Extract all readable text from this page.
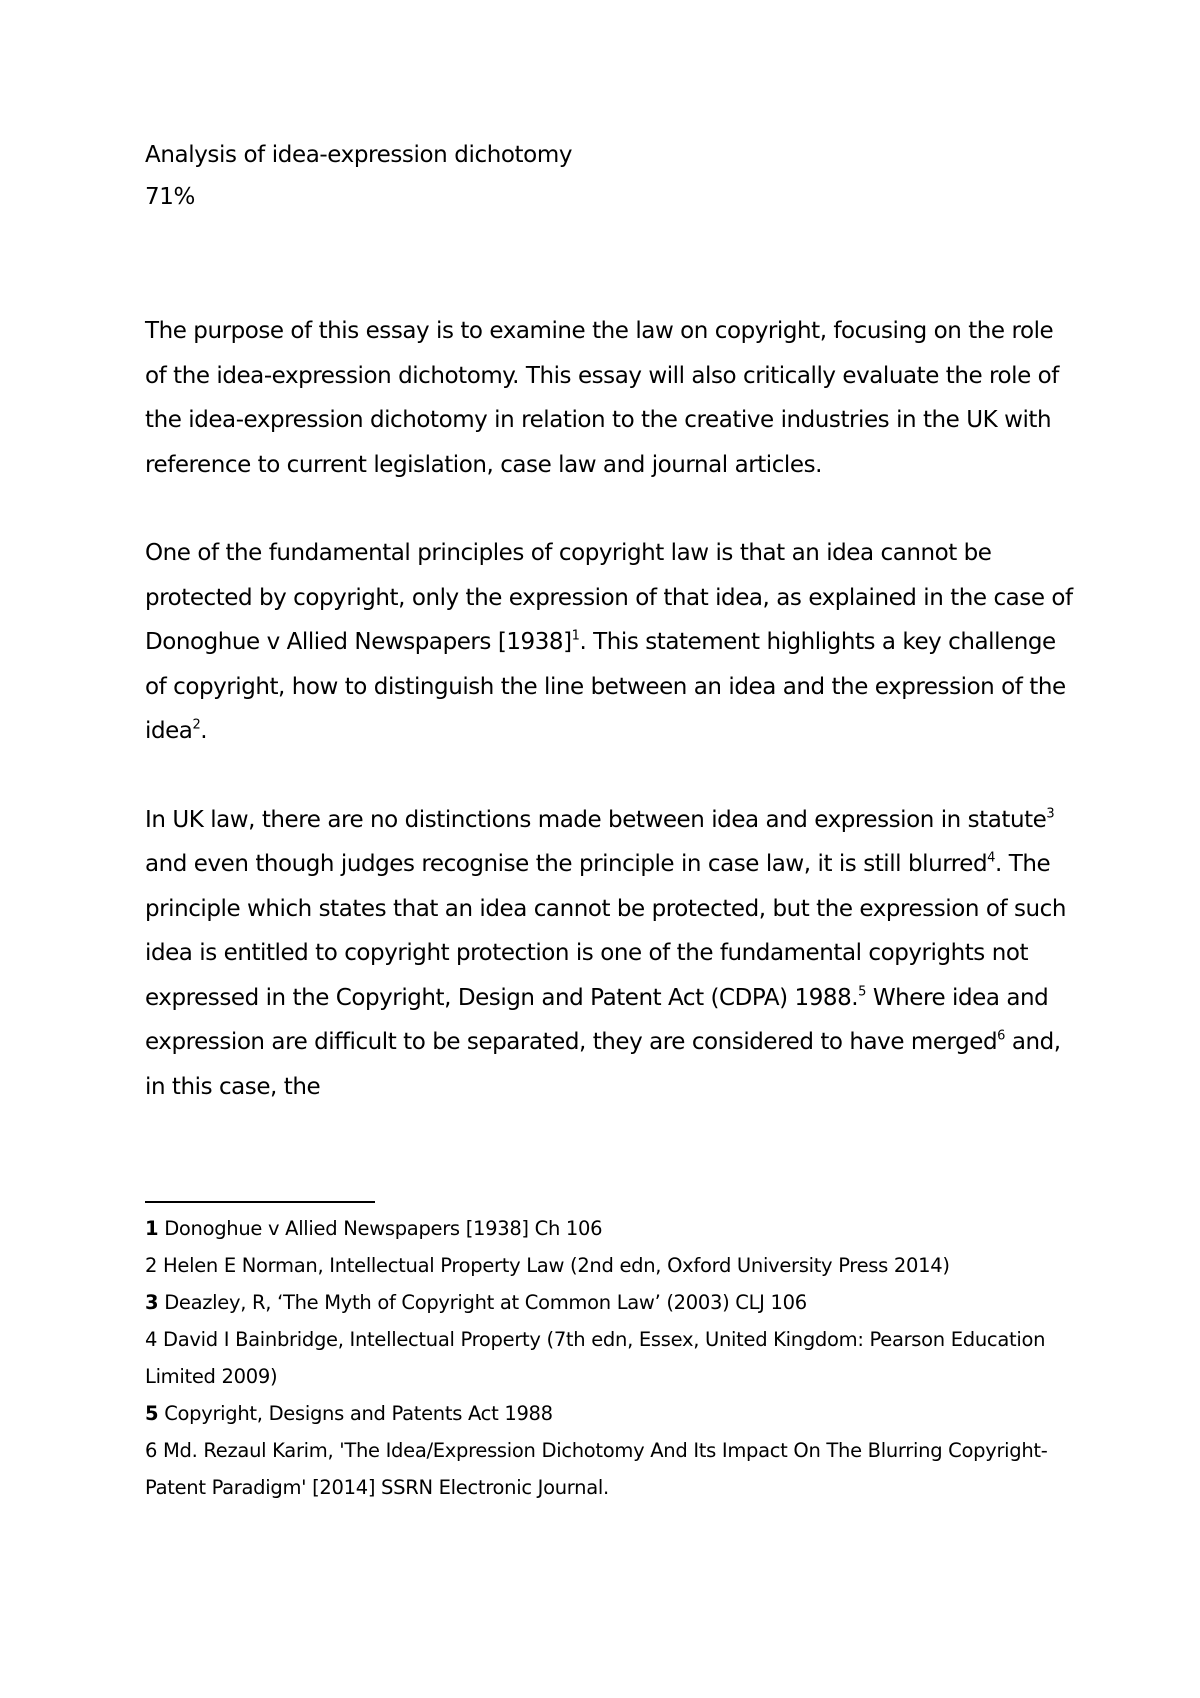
Analysis of idea-expression dichotomy

71%

The purpose of this essay is to examine the law on copyright, focusing on the role of the idea-expression dichotomy. This essay will also critically evaluate the role of the idea-expression dichotomy in relation to the creative industries in the UK with reference to current legislation, case law and journal articles.

One of the fundamental principles of copyright law is that an idea cannot be protected by copyright, only the expression of that idea, as explained in the case of Donoghue v Allied Newspapers $[1938]^1$. This statement highlights a key challenge of copyright, how to distinguish the line between an idea and the expression of the idea$^2$.

In UK law, there are no distinctions made between idea and expression in statute$^3$ and even though judges recognise the principle in case law, it is still blurred$^4$. The principle which states that an idea cannot be protected, but the expression of such idea is entitled to copyright protection is one of the fundamental copyrights not expressed in the Copyright, Design and Patent Act (CDPA) 1988.$^5$ Where idea and expression are difficult to be separated, they are considered to have merged$^6$ and, in this case, the

1 Donoghue v Allied Newspapers [1938] Ch 106

2 Helen E Norman, Intellectual Property Law (2nd edn, Oxford University Press 2014)

3 Deazley, R, ‘The Myth of Copyright at Common Law’ (2003) CLJ 106

4 David I Bainbridge, Intellectual Property (7th edn, Essex, United Kingdom: Pearson Education Limited 2009)

5 Copyright, Designs and Patents Act 1988

6 Md. Rezaul Karim, 'The Idea/Expression Dichotomy And Its Impact On The Blurring Copyright-Patent Paradigm' [2014] SSRN Electronic Journal.
